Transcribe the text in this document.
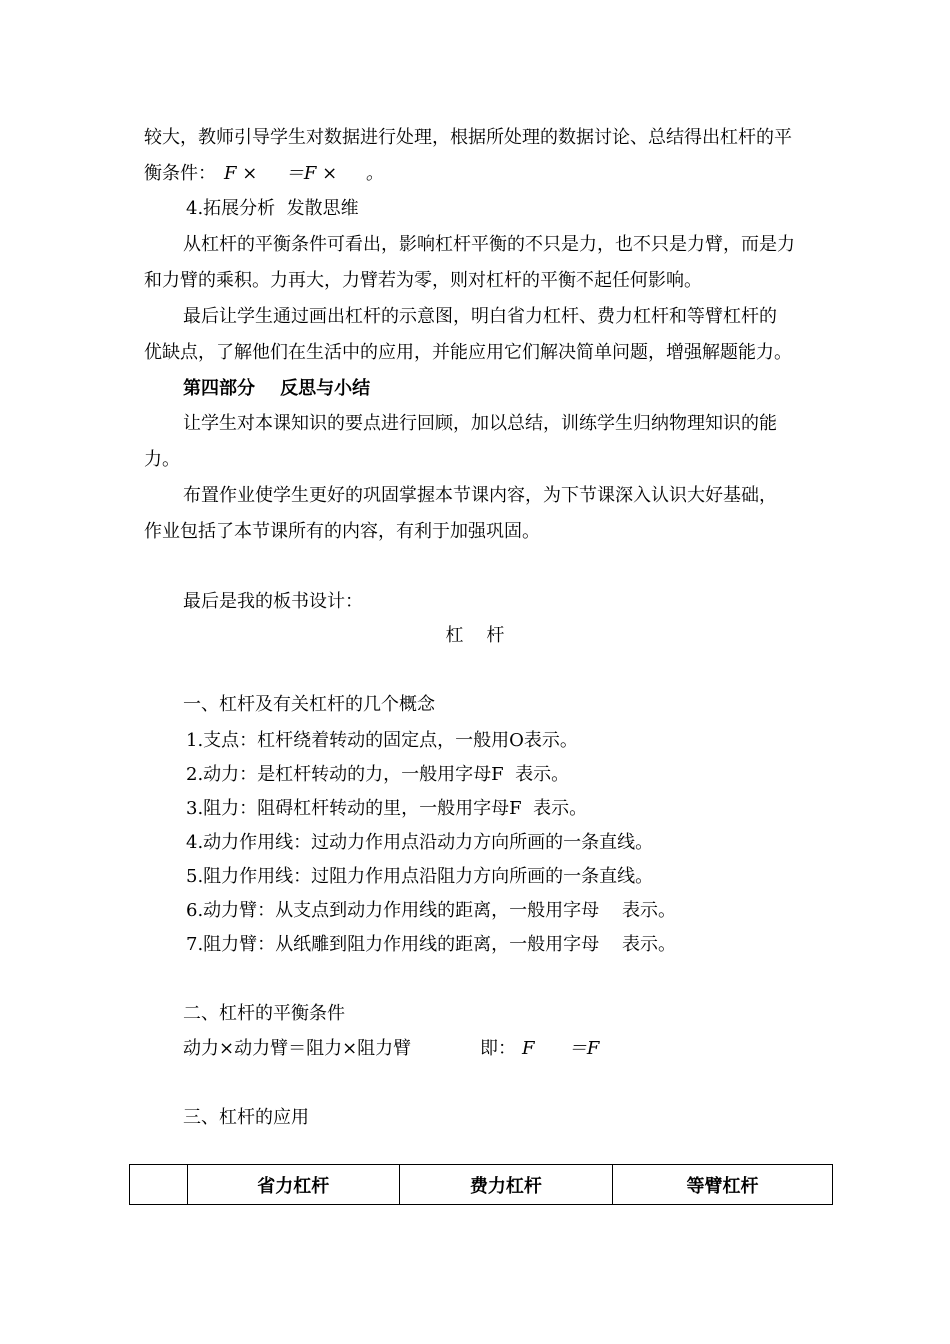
较大，教师引导学生对数据进行处理，根据所处理的数据讨论、总结得出杠杆的平
衡条件： F ×     ＝F ×     。
4.拓展分析  发散思维
从杠杆的平衡条件可看出，影响杠杆平衡的不只是力，也不只是力臂，而是力
和力臂的乘积。力再大，力臂若为零，则对杠杆的平衡不起任何影响。
最后让学生通过画出杠杆的示意图，明白省力杠杆、费力杠杆和等臂杠杆的
优缺点，了解他们在生活中的应用，并能应用它们解决简单问题，增强解题能力。
第四部分    反思与小结
让学生对本课知识的要点进行回顾，加以总结，训练学生归纳物理知识的能
力。
布置作业使学生更好的巩固掌握本节课内容，为下节课深入认识大好基础，
作业包括了本节课所有的内容，有利于加强巩固。
最后是我的板书设计：
杠    杆
一、杠杆及有关杠杆的几个概念
1.支点：杠杆绕着转动的固定点，一般用O表示。
2.动力：是杠杆转动的力，一般用字母F  表示。
3.阻力：阻碍杠杆转动的里，一般用字母F  表示。
4.动力作用线：过动力作用点沿动力方向所画的一条直线。
5.阻力作用线：过阻力作用点沿阻力方向所画的一条直线。
6.动力臂：从支点到动力作用线的距离，一般用字母    表示。
7.阻力臂：从纸雕到阻力作用线的距离，一般用字母    表示。
二、杠杆的平衡条件
动力×动力臂＝阻力×阻力臂	即： F      ＝F
三、杠杆的应用
	省力杠杆	费力杠杆	等臂杠杆
